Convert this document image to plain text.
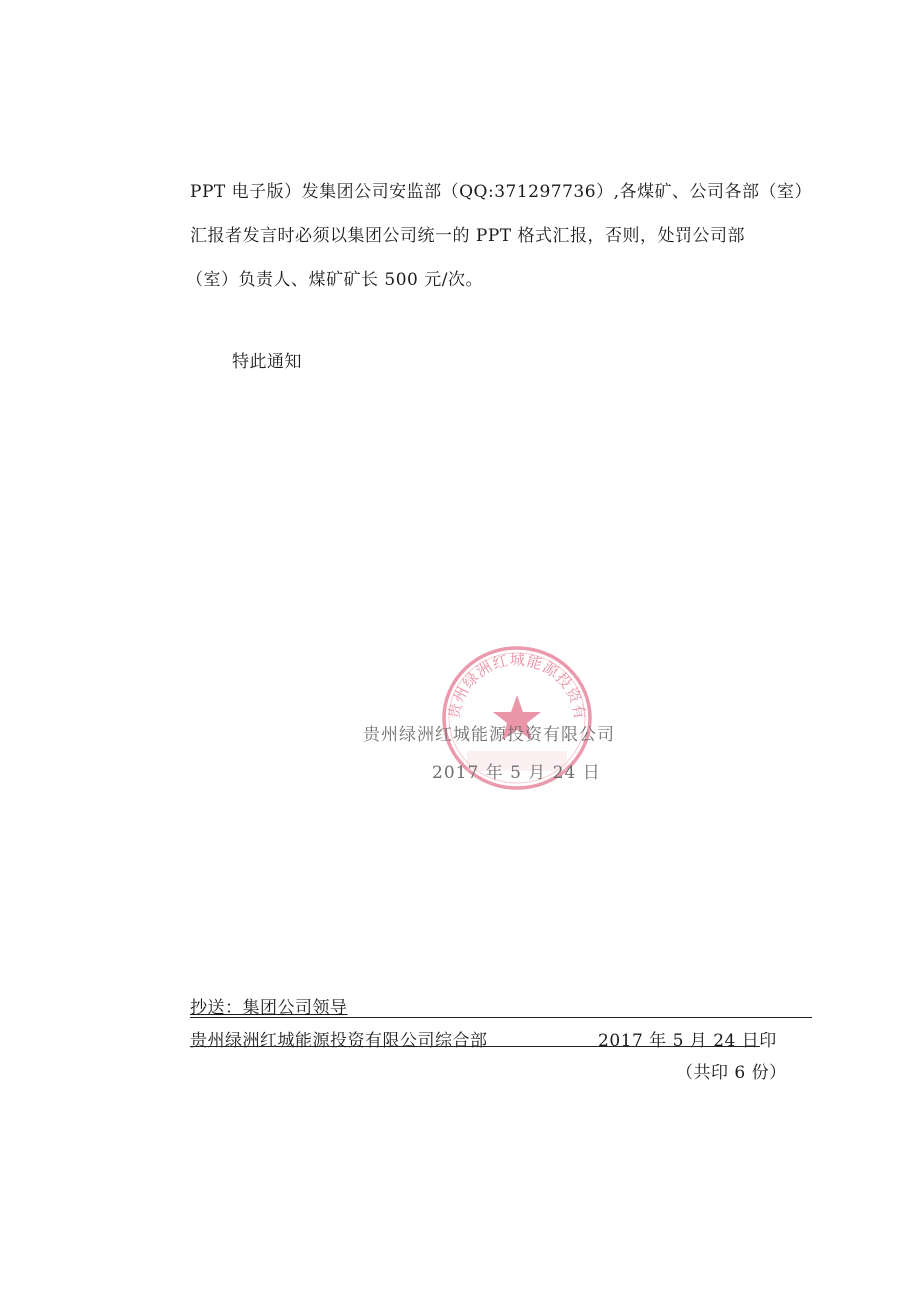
PPT 电子版）发集团公司安监部（QQ:371297736）,各煤矿、公司各部（室）
汇报者发言时必须以集团公司统一的 PPT 格式汇报，否则，处罚公司部
（室）负责人、煤矿矿长 500 元/次。
特此通知
贵州绿洲红城能源投资有
贵州绿洲红城能源投资有限公司
2017 年 5 月 24 日
抄送：集团公司领导
贵州绿洲红城能源投资有限公司综合部	2017 年 5 月 24 日印
（共印 6 份）
